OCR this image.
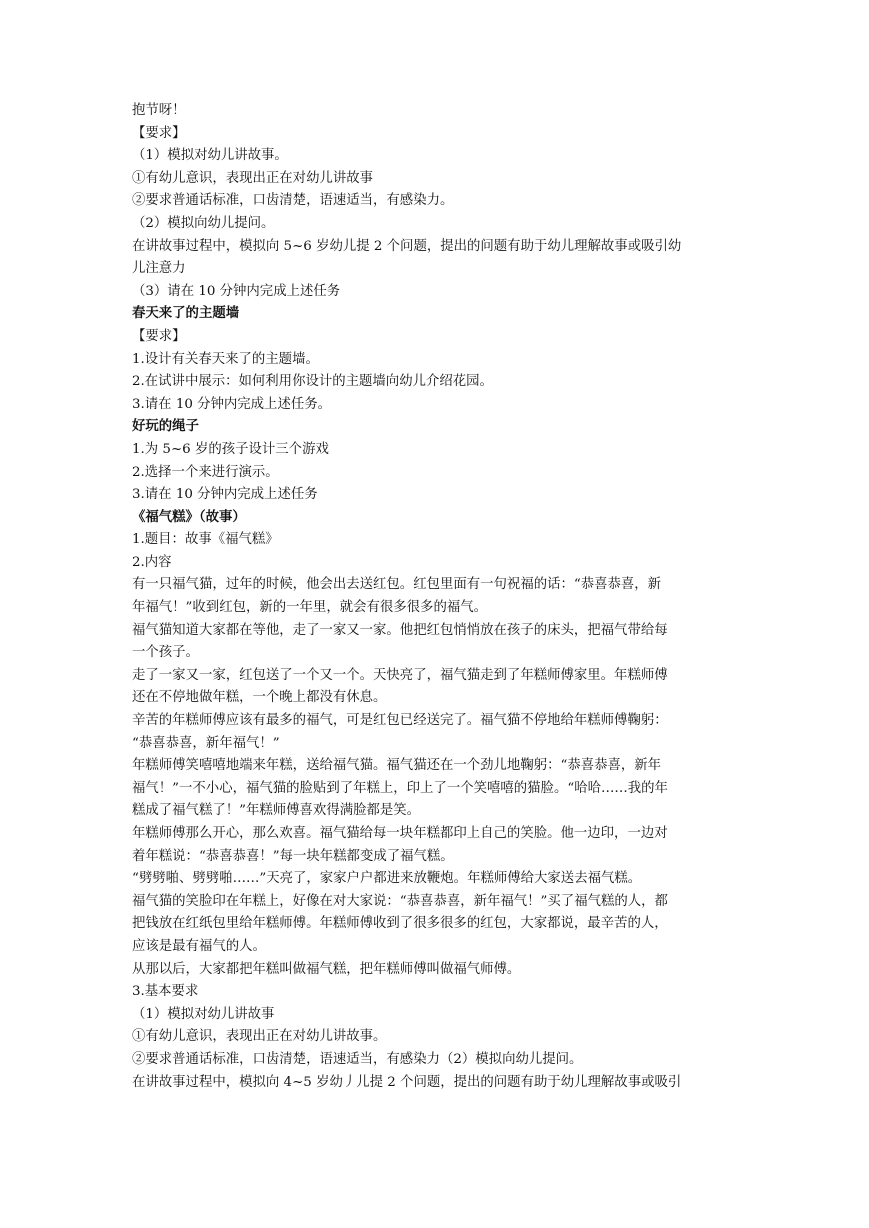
抱节呀！
【要求】
（1）模拟对幼儿讲故事。
①有幼儿意识，表现出正在对幼儿讲故事
②要求普通话标准，口齿清楚，语速适当，有感染力。
（2）模拟向幼儿提问。
在讲故事过程中，模拟向 5~6 岁幼儿提 2 个问题，提出的问题有助于幼儿理解故事或吸引幼
儿注意力
（3）请在 10 分钟内完成上述任务
春天来了的主题墙
【要求】
1.设计有关春天来了的主题墙。
2.在试讲中展示：如何利用你设计的主题墙向幼儿介绍花园。
3.请在 10 分钟内完成上述任务。
好玩的绳子
1.为 5~6 岁的孩子设计三个游戏
2.选择一个来进行演示。
3.请在 10 分钟内完成上述任务
《福气糕》（故事）
1.题目：故事《福气糕》
2.内容
有一只福气猫，过年的时候，他会出去送红包。红包里面有一句祝福的话：“恭喜恭喜，新
年福气！”收到红包，新的一年里，就会有很多很多的福气。
福气猫知道大家都在等他，走了一家又一家。他把红包悄悄放在孩子的床头，把福气带给每
一个孩子。
走了一家又一家，红包送了一个又一个。天快亮了，福气猫走到了年糕师傅家里。年糕师傅
还在不停地做年糕，一个晚上都没有休息。
辛苦的年糕师傅应该有最多的福气，可是红包已经送完了。福气猫不停地给年糕师傅鞠躬：
“恭喜恭喜，新年福气！”
年糕师傅笑嘻嘻地端来年糕，送给福气猫。福气猫还在一个劲儿地鞠躬：“恭喜恭喜，新年
福气！”一不小心，福气猫的脸贴到了年糕上，印上了一个笑嘻嘻的猫脸。“哈哈……我的年
糕成了福气糕了！”年糕师傅喜欢得满脸都是笑。
年糕师傅那么开心，那么欢喜。福气猫给每一块年糕都印上自己的笑脸。他一边印，一边对
着年糕说：“恭喜恭喜！”每一块年糕都变成了福气糕。
“劈劈啪、劈劈啪……”天亮了，家家户户都进来放鞭炮。年糕师傅给大家送去福气糕。
福气猫的笑脸印在年糕上，好像在对大家说：“恭喜恭喜，新年福气！”买了福气糕的人，都
把钱放在红纸包里给年糕师傅。年糕师傅收到了很多很多的红包，大家都说，最辛苦的人，
应该是最有福气的人。
从那以后，大家都把年糕叫做福气糕，把年糕师傅叫做福气师傅。
3.基本要求
（1）模拟对幼儿讲故事
①有幼儿意识，表现出正在对幼儿讲故事。
②要求普通话标准，口齿清楚，语速适当，有感染力（2）模拟向幼儿提问。
在讲故事过程中，模拟向 4~5 岁幼丿儿提 2 个问题，提出的问题有助于幼儿理解故事或吸引
